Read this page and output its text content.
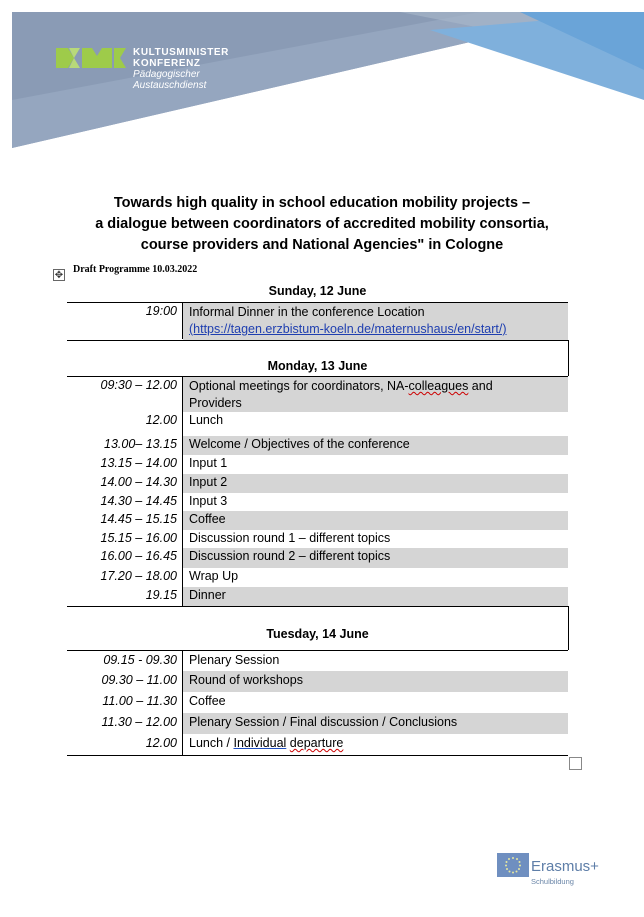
KULTUSMINISTER
KONFERENZ
Pädagogischer
Austauschdienst
Towards high quality in school education mobility projects –
a dialogue between coordinators of accredited mobility consortia,
course providers and National Agencies" in Cologne
✥
Draft Programme 10.03.2022
Sunday, 12 June
19:00 Informal Dinner in the conference Location
(https://tagen.erzbistum-koeln.de/maternushaus/en/start/)
Monday, 13 June
09:30 – 12.00 Optional meetings for coordinators, NA-colleagues and
Providers
12.00 Lunch
13.00– 13.15 Welcome / Objectives of the conference
13.15 – 14.00 Input 1
14.00 – 14.30 Input 2
14.30 – 14.45 Input 3
14.45 – 15.15 Coffee
15.15 – 16.00 Discussion round 1 – different topics
16.00 – 16.45 Discussion round 2 – different topics
17.20 – 18.00 Wrap Up
19.15 Dinner
Tuesday, 14 June
09.15 - 09.30 Plenary Session
09.30 – 11.00 Round of workshops
11.00 – 11.30 Coffee
11.30 – 12.00 Plenary Session / Final discussion / Conclusions
12.00 Lunch / Individual departure
Erasmus+
Schulbildung
